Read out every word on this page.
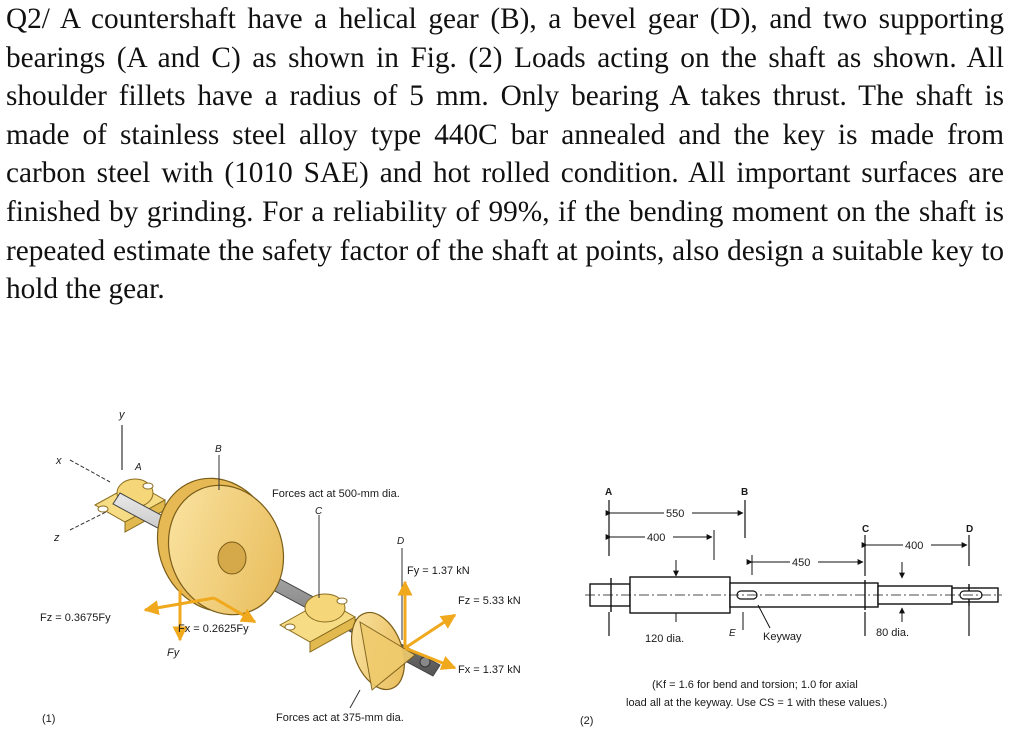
Q2/ A countershaft have a helical gear (B), a bevel gear (D), and two supporting bearings (A and C) as shown in Fig. (2) Loads acting on the shaft as shown. All shoulder fillets have a radius of 5 mm. Only bearing A takes thrust. The shaft is made of stainless steel alloy type 440C bar annealed and the key is made from carbon steel with (1010 SAE) and hot rolled condition. All important surfaces are finished by grinding. For a reliability of 99%, if the bending moment on the shaft is repeated estimate the safety factor of the shaft at points, also design a suitable key to hold the gear.
y
x
z
A
B
C
D
Fz = 0.3675Fy
Fx = 0.2625Fy
Fy
Fy = 1.37 kN
Fz = 5.33 kN
Fx = 1.37 kN
Forces act at 500-mm dia.
Forces act at 375-mm dia.
(1)
A	B
C	D
550
400
450
400
120 dia.	E Keyway	80 dia.
(Kf = 1.6 for bend and torsion; 1.0 for axial
load all at the keyway. Use CS = 1 with these values.)
(2)
